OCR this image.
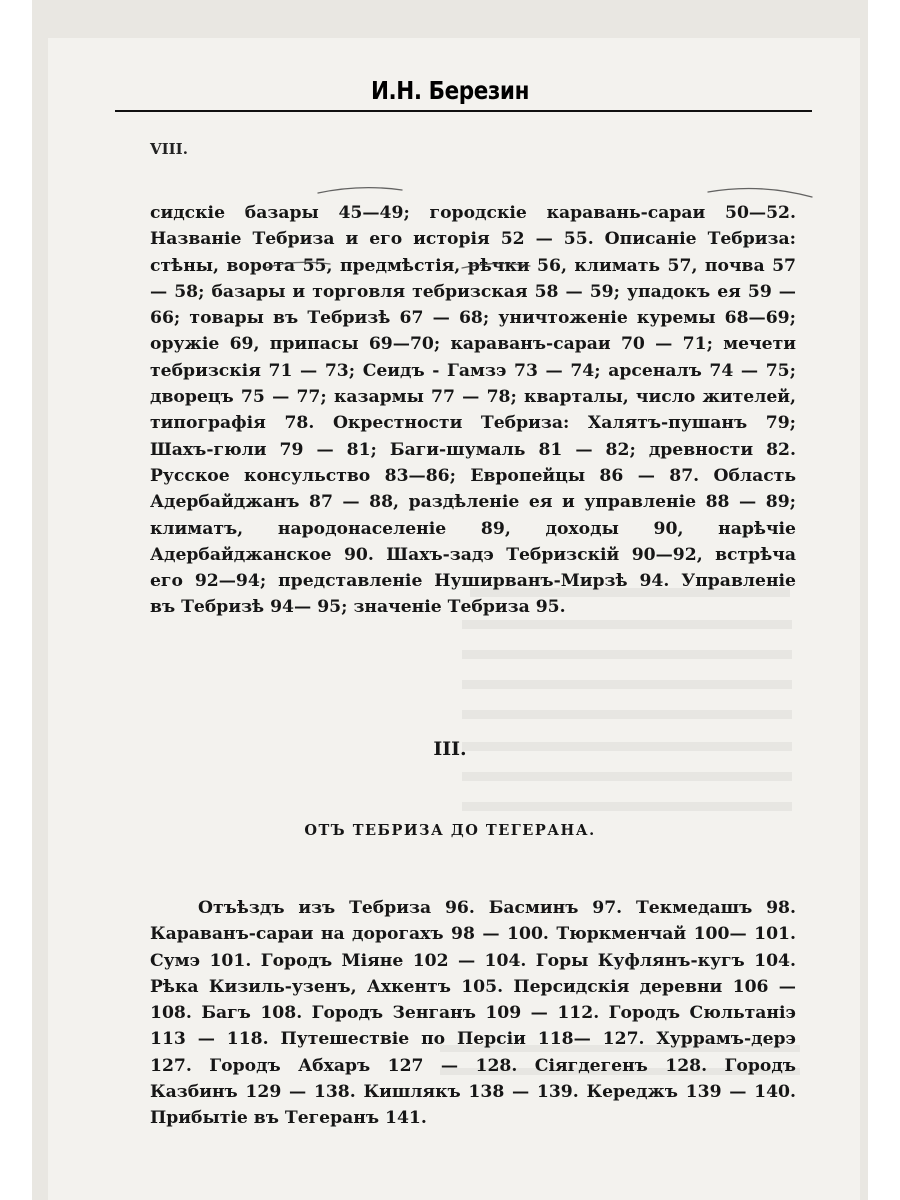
И.Н. Березин
VIII.
сидскіе базары 45—49; городскіе каравань-сараи 50—52. Названіе Тебриза и его исторія 52 — 55. Описаніе Тебриза: стѣны, ворота 55, предмѣстія, рѣчки 56, климать 57, почва 57 — 58; базары и торговля тебризская 58 — 59; упадокъ ея 59 — 66; товары въ Тебризѣ 67 — 68; уничтоженіе куремы 68—69; оружіе 69, припасы 69—70; караванъ-сараи 70 — 71; мечети тебризскія 71 — 73; Сеидъ - Гамзэ 73 — 74; арсеналъ 74 — 75; дворецъ 75 — 77; казармы 77 — 78; кварталы, число жителей, типографія 78. Окрестности Тебриза: Халятъ-пушанъ 79; Шахъ-гюли 79 — 81; Баги-шумаль 81 — 82; древности 82. Русское консульство 83—86; Европейцы 86 — 87. Область Адербайджанъ 87 — 88, раздѣленіе ея и управленіе 88 — 89; климатъ, народонаселеніе 89, доходы 90, нарѣчіе Адербайджанское 90. Шахъ-задэ Тебризскій 90—92, встрѣча его 92—94; представленіе Нуширванъ-Мирзѣ 94. Управленіе въ Тебризѣ 94— 95; значеніе Тебриза 95.
III.
ОТЪ ТЕБРИЗА ДО ТЕГЕРАНА.
Отъѣздъ изъ Тебриза 96. Басминъ 97. Текмедашъ 98. Караванъ-сараи на дорогахъ 98 — 100. Тюркменчай 100— 101. Сумэ 101. Городъ Міяне 102 — 104. Горы Куфлянъ-кугъ 104. Рѣка Кизиль-узенъ, Ахкентъ 105. Персидскія деревни 106 — 108. Багъ 108. Городъ Зенганъ 109 — 112. Городъ Сюльтаніэ 113 — 118. Путешествіе по Персіи 118— 127. Хуррамъ-дерэ 127. Городъ Абхаръ 127 — 128. Сіягдегенъ 128. Городъ Казбинъ 129 — 138. Кишлякъ 138 — 139. Кереджъ 139 — 140. Прибытіе въ Тегеранъ 141.
